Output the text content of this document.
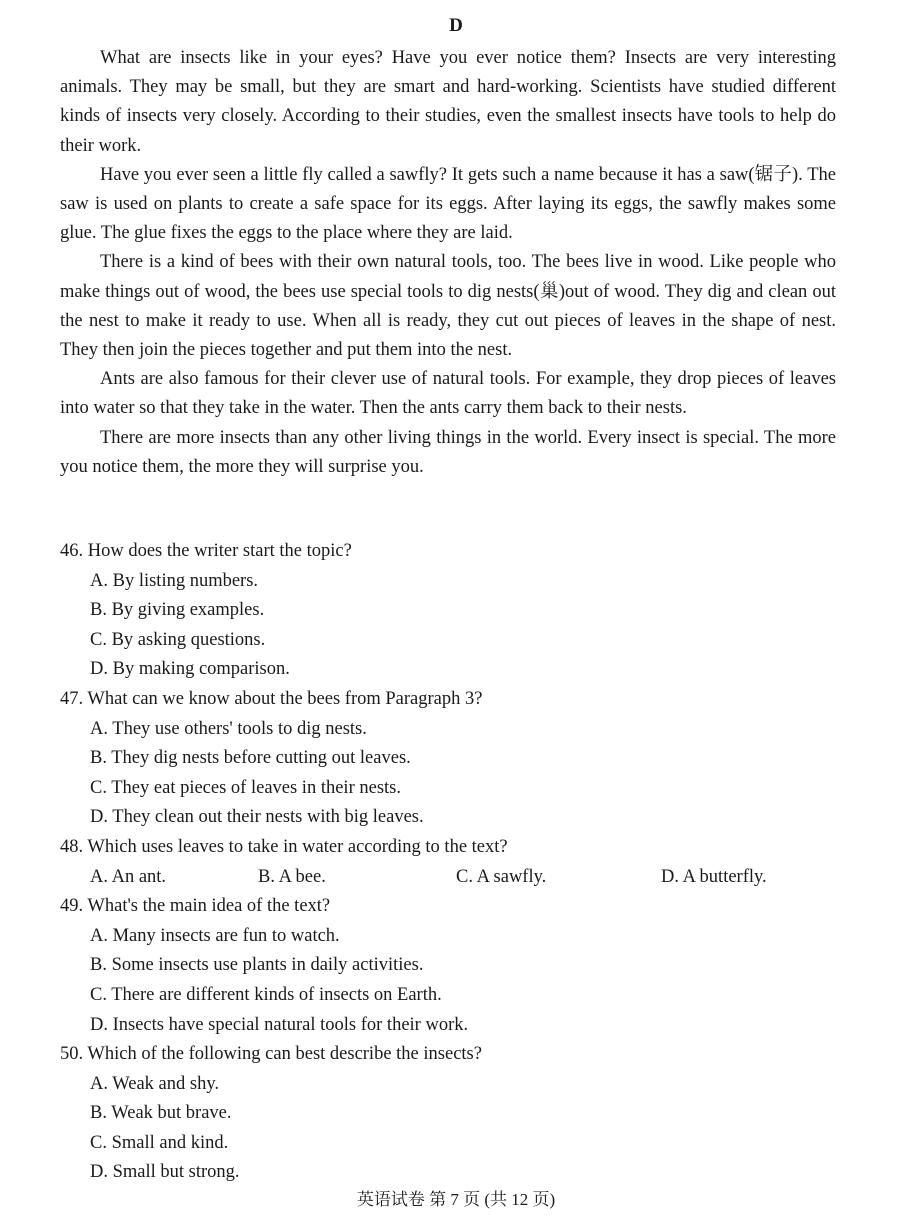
D

What are insects like in your eyes? Have you ever notice them? Insects are very interesting animals. They may be small, but they are smart and hard-working. Scientists have studied different kinds of insects very closely. According to their studies, even the smallest insects have tools to help do their work.

Have you ever seen a little fly called a sawfly? It gets such a name because it has a saw(锯子). The saw is used on plants to create a safe space for its eggs. After laying its eggs, the sawfly makes some glue. The glue fixes the eggs to the place where they are laid.

There is a kind of bees with their own natural tools, too. The bees live in wood. Like people who make things out of wood, the bees use special tools to dig nests(巢)out of wood. They dig and clean out the nest to make it ready to use. When all is ready, they cut out pieces of leaves in the shape of nest. They then join the pieces together and put them into the nest.

Ants are also famous for their clever use of natural tools. For example, they drop pieces of leaves into water so that they take in the water. Then the ants carry them back to their nests.

There are more insects than any other living things in the world. Every insect is special. The more you notice them, the more they will surprise you.

46. How does the writer start the topic?

A. By listing numbers.
B. By giving examples.
C. By asking questions.
D. By making comparison.

47. What can we know about the bees from Paragraph 3?

A. They use others' tools to dig nests.
B. They dig nests before cutting out leaves.
C. They eat pieces of leaves in their nests.
D. They clean out their nests with big leaves.

48. Which uses leaves to take in water according to the text?

A. An ant.	B. A bee.	C. A sawfly.	D. A butterfly.

49. What's the main idea of the text?

A. Many insects are fun to watch.
B. Some insects use plants in daily activities.
C. There are different kinds of insects on Earth.
D. Insects have special natural tools for their work.

50. Which of the following can best describe the insects?

A. Weak and shy.
B. Weak but brave.
C. Small and kind.
D. Small but strong.
英语试卷 第 7 页 (共 12 页)
